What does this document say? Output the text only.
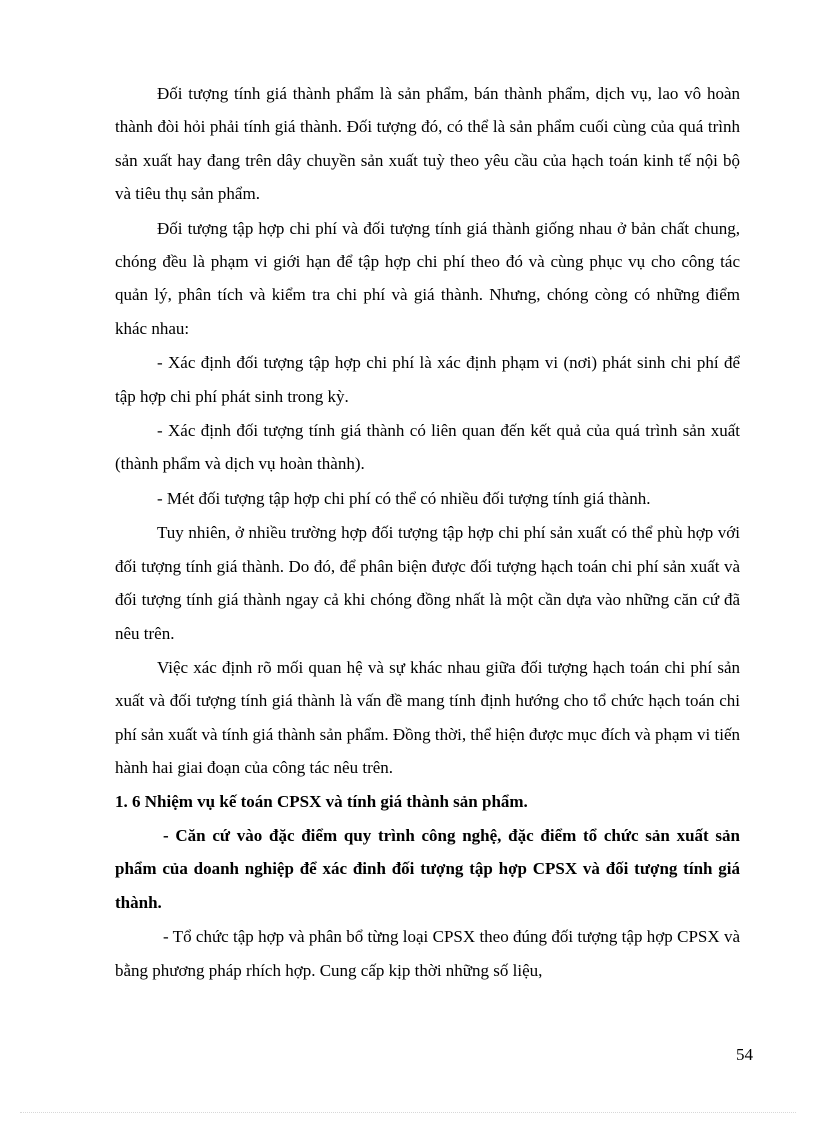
Đối tượng tính giá thành phẩm là sản phẩm, bán thành phẩm, dịch vụ, lao vô hoàn thành đòi hỏi phải tính giá thành. Đối tượng đó, có thể là sản phẩm cuối cùng của quá trình sản xuất hay đang trên dây chuyền sản xuất tuỳ theo yêu cầu của hạch toán kinh tế nội bộ và tiêu thụ sản phẩm.

Đối tượng tập hợp chi phí và đối tượng tính giá thành giống nhau ở bản chất chung, chóng đều là phạm vi giới hạn để tập hợp chi phí theo đó và cùng phục vụ cho công tác quản lý, phân tích và kiểm tra chi phí và giá thành. Nhưng, chóng còng có những điểm khác nhau:

- Xác định đối tượng tập hợp chi phí là xác định phạm vi (nơi) phát sinh chi phí để tập hợp chi phí phát sinh trong kỳ.

- Xác định đối tượng tính giá thành có liên quan đến kết quả của quá trình sản xuất (thành phẩm và dịch vụ hoàn thành).

- Mét đối tượng tập hợp chi phí có thể có nhiều đối tượng tính giá thành.

Tuy nhiên, ở nhiều trường hợp đối tượng tập hợp chi phí sản xuất có thể phù hợp với đối tượng tính giá thành. Do đó, để phân biện được đối tượng hạch toán chi phí sản xuất và đối tượng tính giá thành ngay cả khi chóng đồng nhất là một cần dựa vào những căn cứ đã nêu trên.

Việc xác định rõ mối quan hệ và sự khác nhau giữa đối tượng hạch toán chi phí sản xuất và đối tượng tính giá thành là vấn đề mang tính định hướng cho tổ chức hạch toán chi phí sản xuất và tính giá thành sản phẩm. Đồng thời, thể hiện được mục đích và phạm vi tiến hành hai giai đoạn của công tác nêu trên.

1. 6 Nhiệm vụ kế toán CPSX và tính giá thành sản phẩm.

- Căn cứ vào đặc điểm quy trình công nghệ, đặc điểm tổ chức sản xuất sản phẩm của doanh nghiệp để xác đinh đối tượng tập hợp CPSX và đối tượng tính giá thành.

- Tổ chức tập hợp và phân bổ từng loại CPSX theo đúng đối tượng tập hợp CPSX và bằng phương pháp rhích hợp. Cung cấp kịp thời những số liệu,

54
